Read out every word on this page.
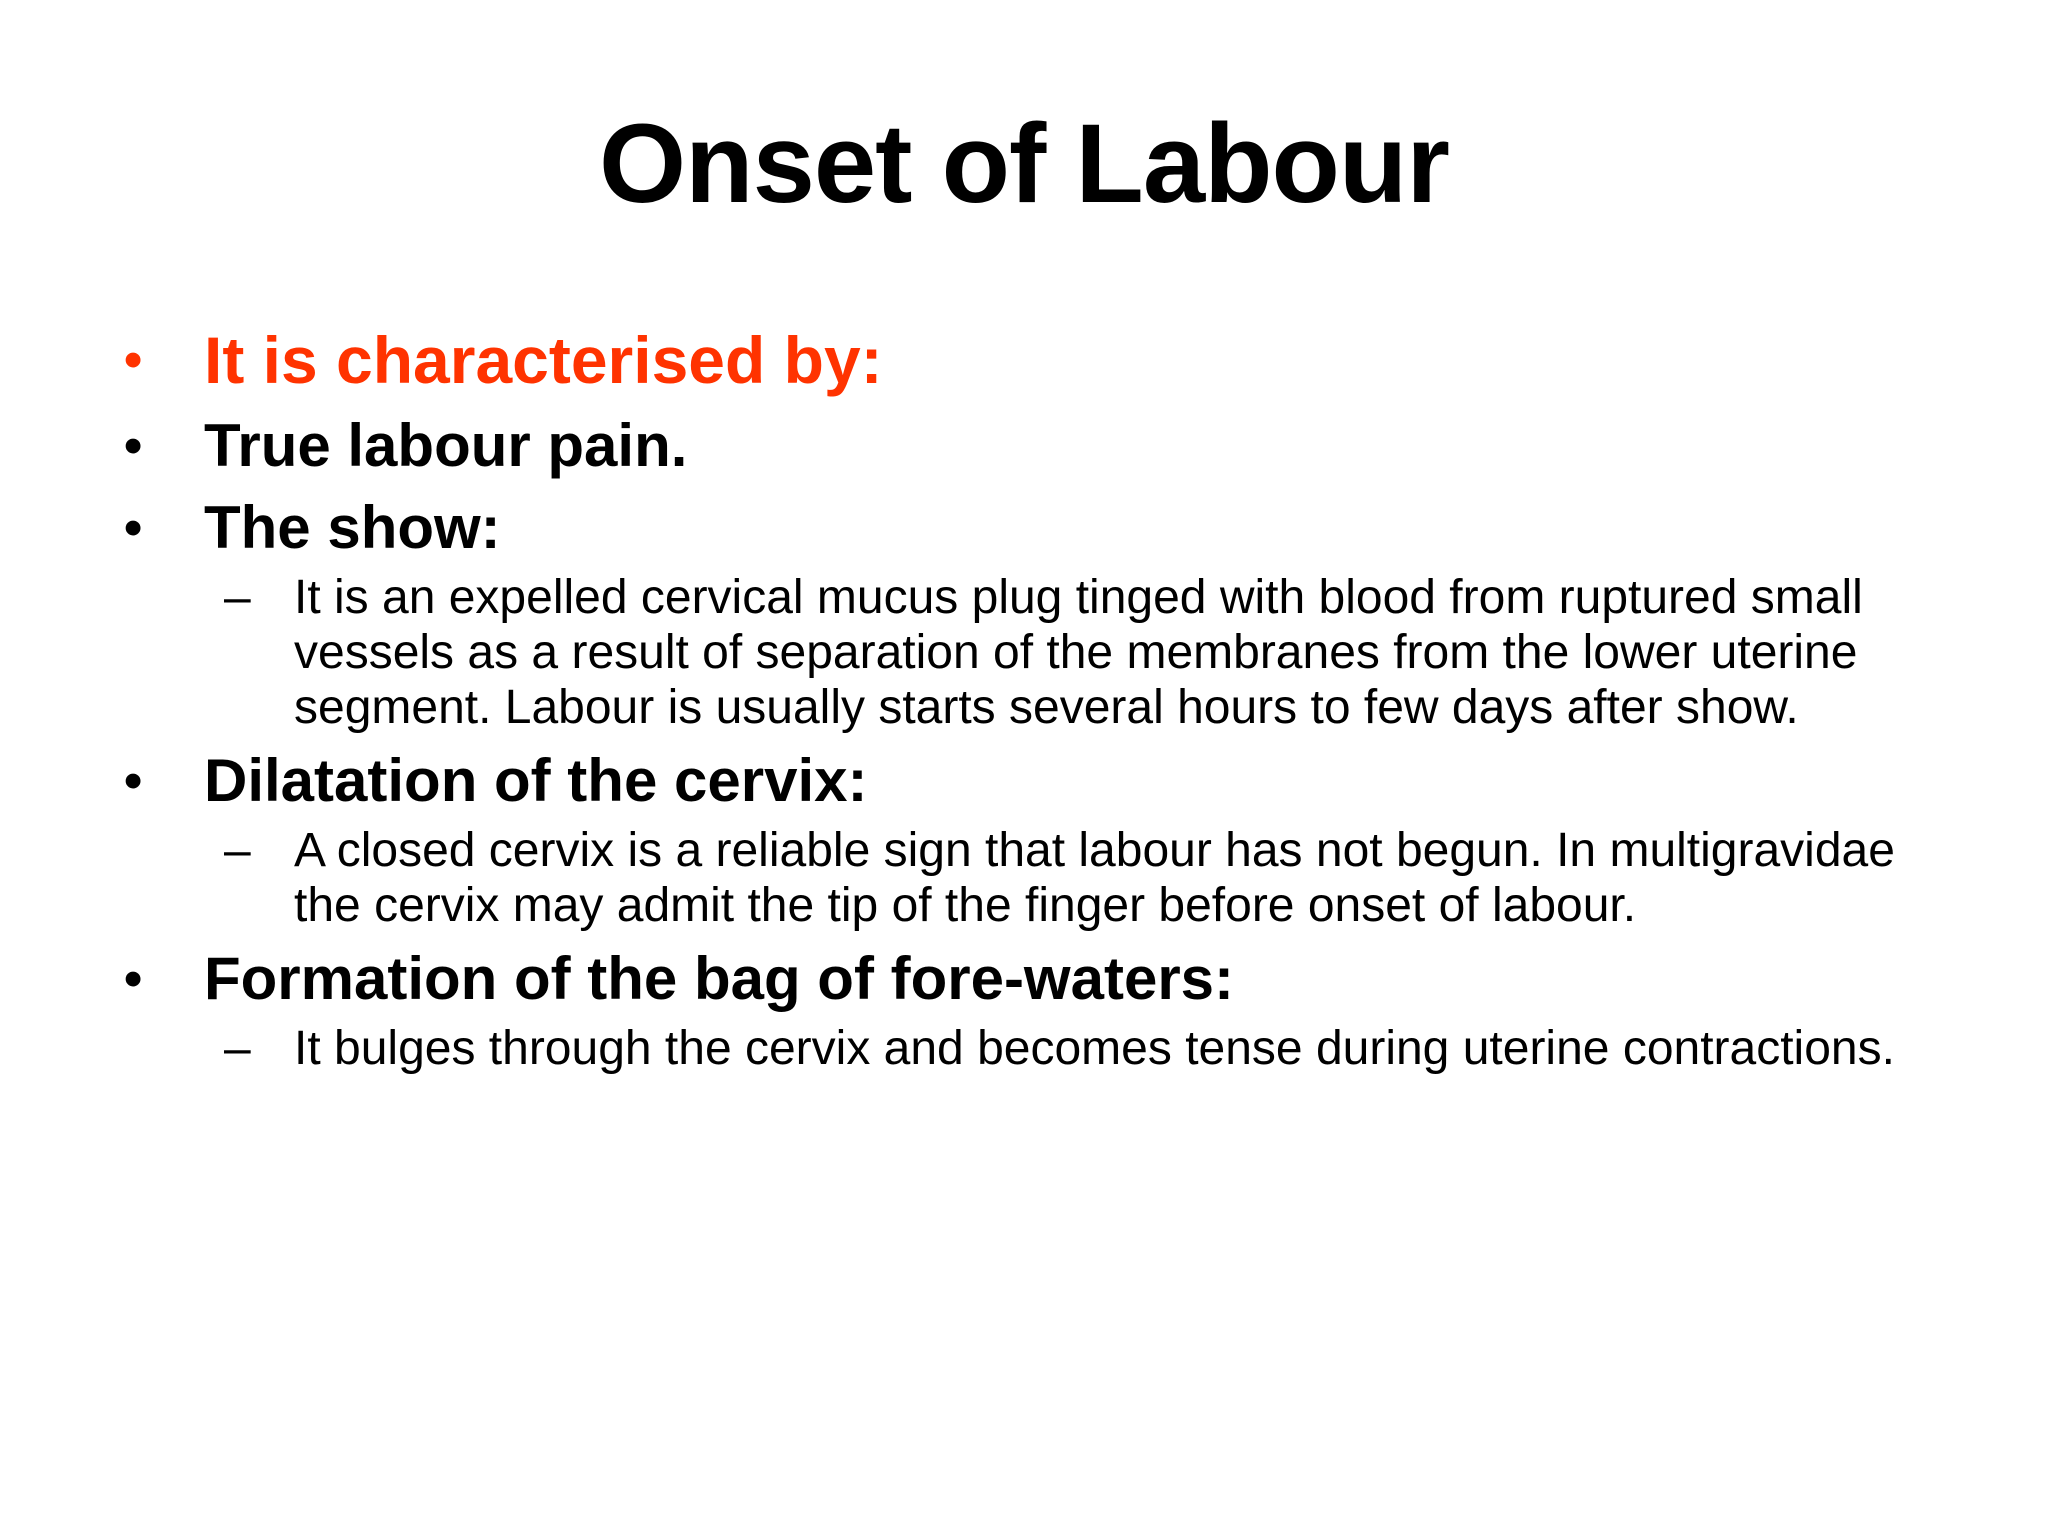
Onset of Labour
• It is characterised by:
• True labour pain.
• The show:
– It is an expelled cervical mucus plug tinged with blood from ruptured small vessels as a result of separation of the membranes from the lower uterine segment. Labour is usually starts several hours to few days after show.
• Dilatation of the cervix:
– A closed cervix is a reliable sign that labour has not begun. In multigravidae the cervix may admit the tip of the finger before onset of labour.
• Formation of the bag of fore-waters:
– It bulges through the cervix and becomes tense during uterine contractions.
